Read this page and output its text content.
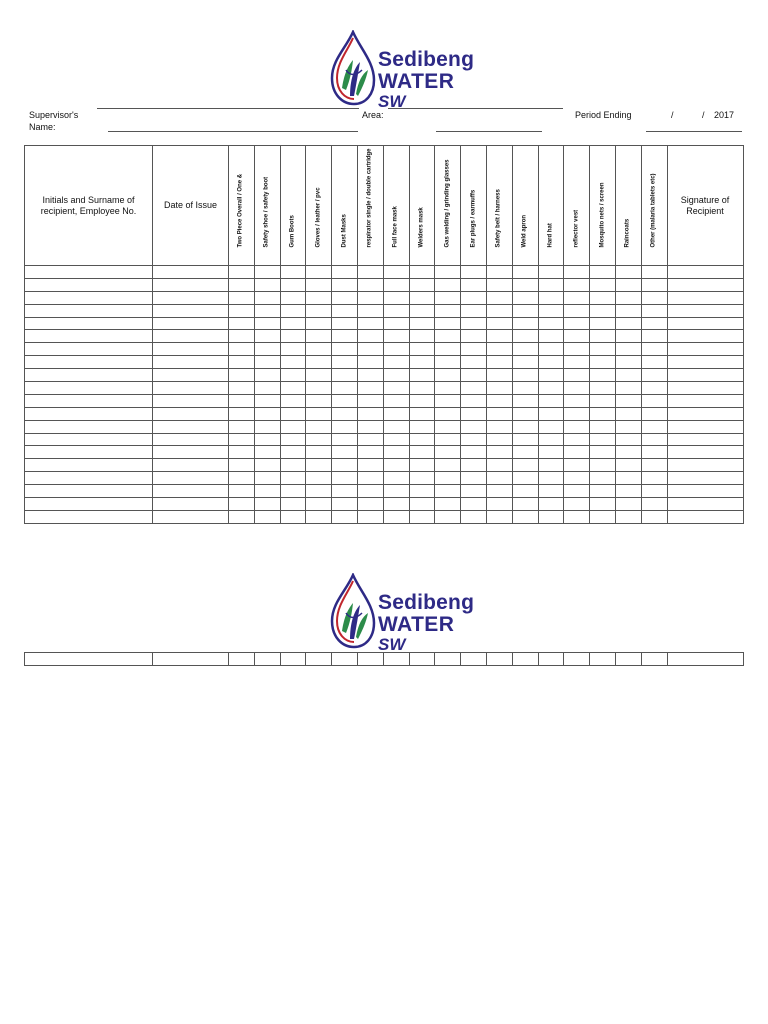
Sedibeng
WATER
SW
Supervisor's
Name:
Area:	Period Ending	/	/ 2017
Initials and Surname of recipient, Employee No.	Date of Issue	Two Piece Overall / One &	Safety shoe / safety boot	Gum Boots	Gloves / leather / pvc	Dust Masks	respirator single / double cartridge	Full face mask	Welders mask	Gas welding / grinding glasses	Ear plugs / earmuffs	Safety belt / harness	Weld apron	Hard hat	reflector vest	Mosquito nets / screen	Raincoats	Other (malaria tablets etc)	Signature of Recipient

Sedibeng
WATER
SW
